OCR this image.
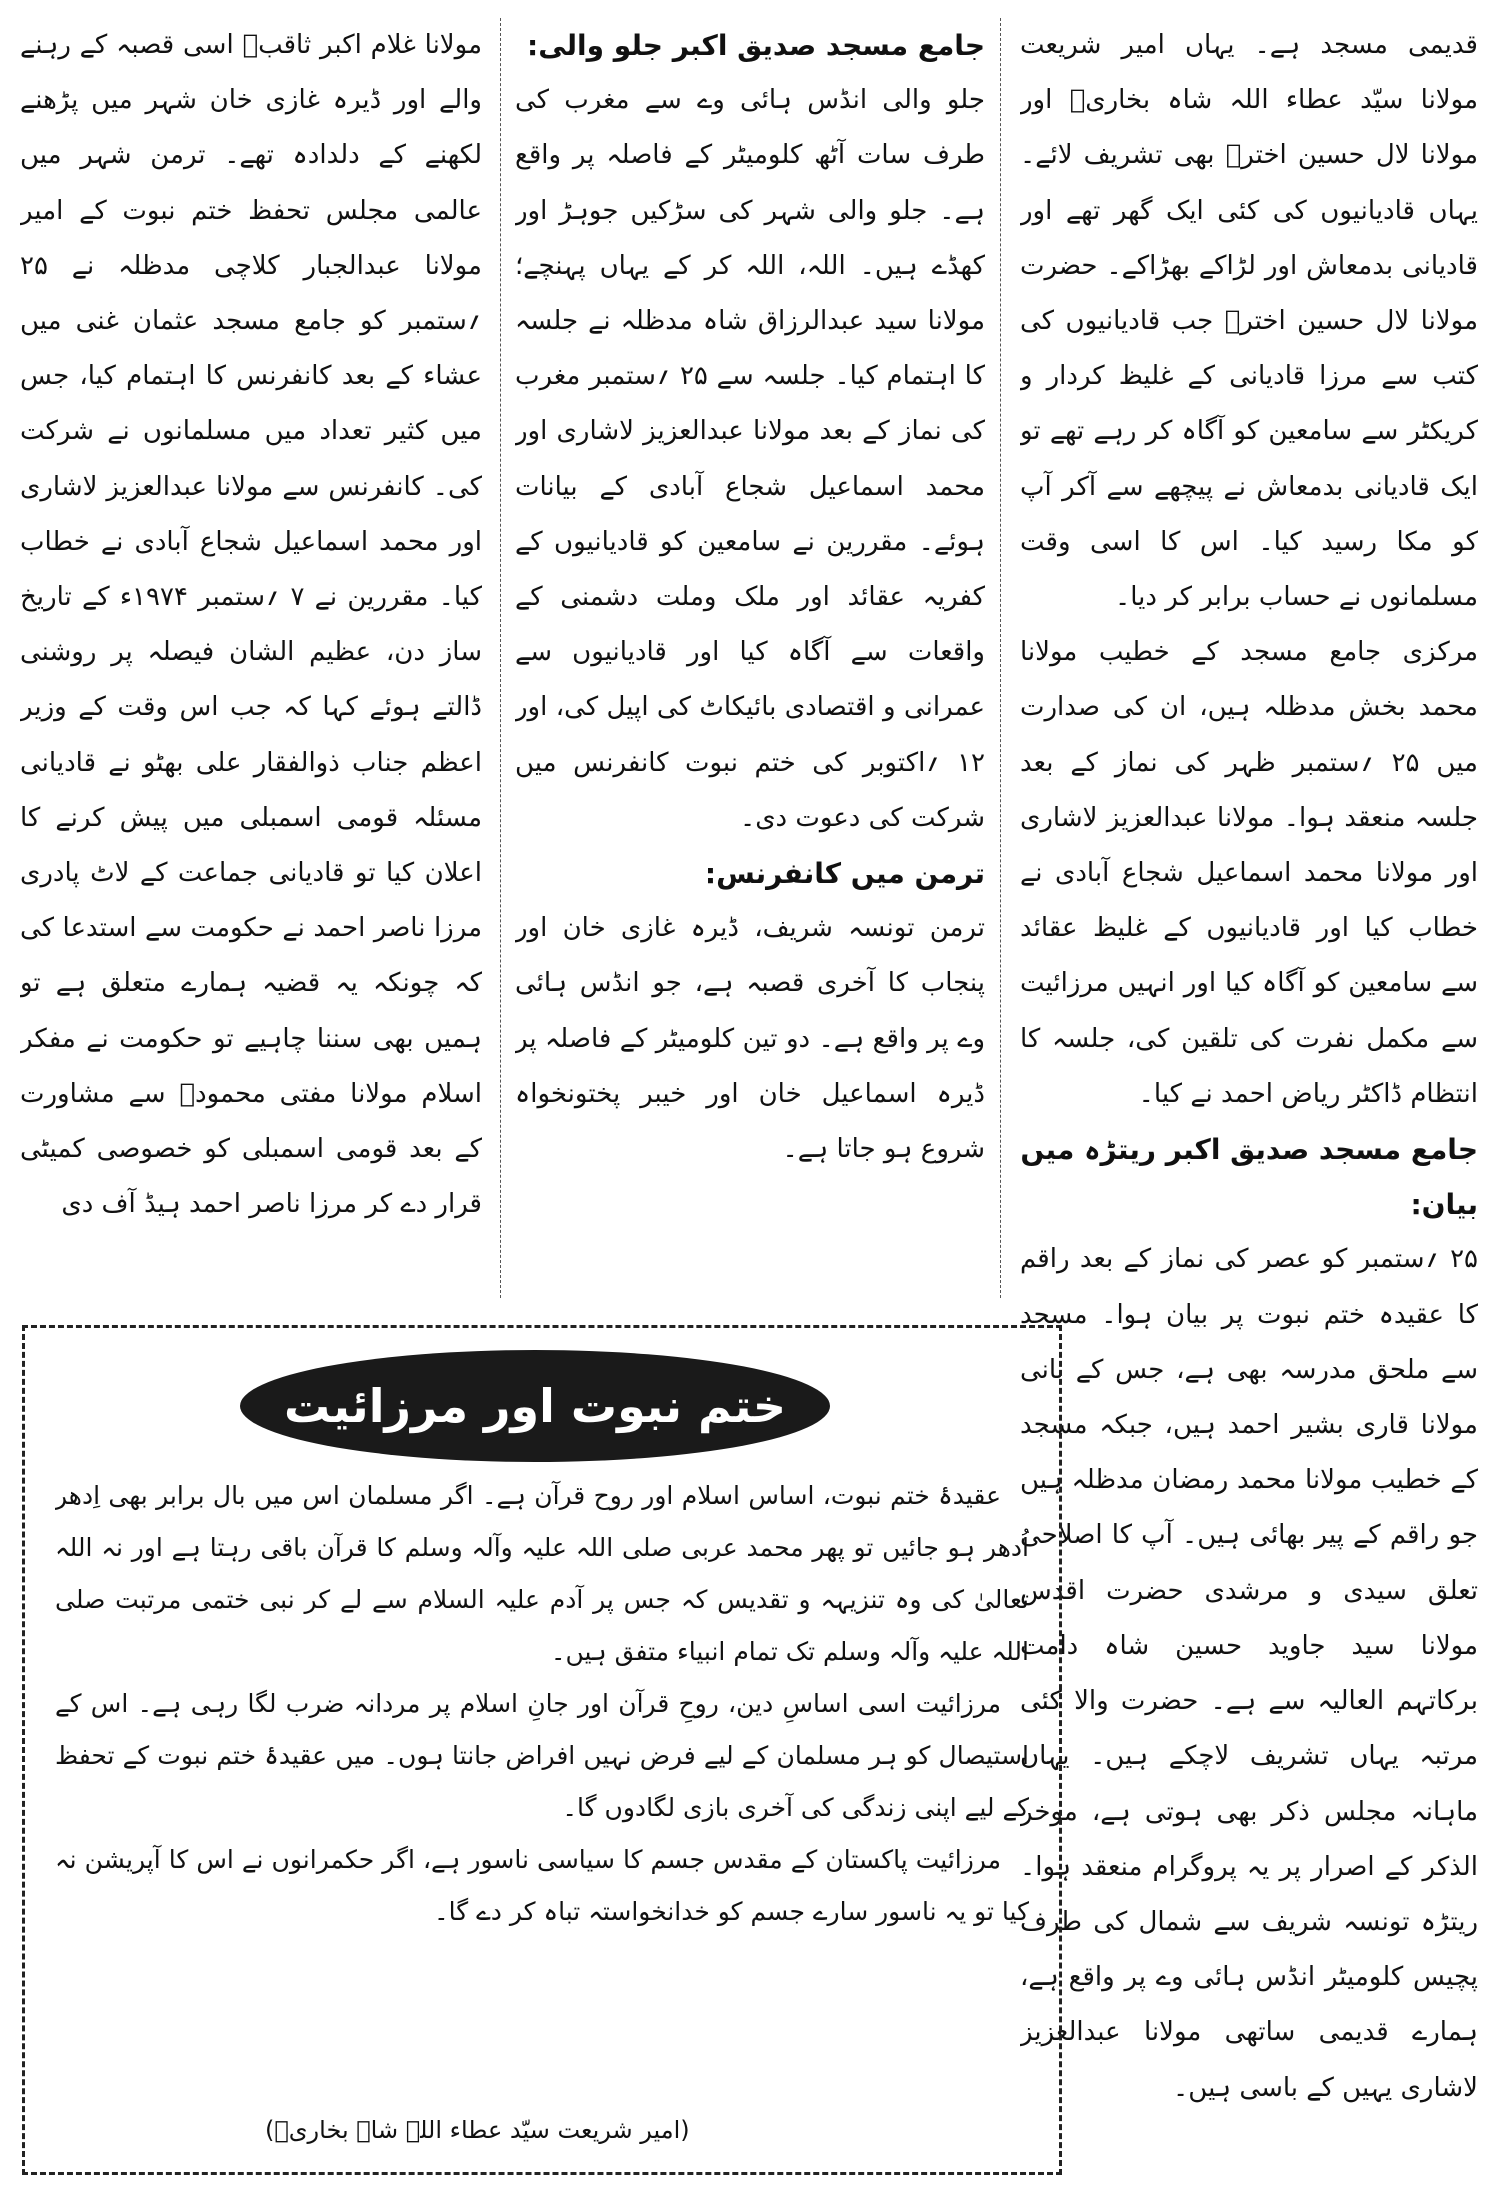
قدیمی مسجد ہے۔ یہاں امیر شریعت مولانا سیّد عطاء اللہ شاہ بخاریؒ اور مولانا لال حسین اخترؒ بھی تشریف لائے۔ یہاں قادیانیوں کی کئی ایک گھر تھے اور قادیانی بدمعاش اور لڑاکے بھڑاکے۔ حضرت مولانا لال حسین اخترؒ جب قادیانیوں کی کتب سے مرزا قادیانی کے غلیظ کردار و کریکٹر سے سامعین کو آگاہ کر رہے تھے تو ایک قادیانی بدمعاش نے پیچھے سے آکر آپ کو مکا رسید کیا۔ اس کا اسی وقت مسلمانوں نے حساب برابر کر دیا۔

مرکزی جامع مسجد کے خطیب مولانا محمد بخش مدظلہ ہیں، ان کی صدارت میں ۲۵ ؍ستمبر ظہر کی نماز کے بعد جلسہ منعقد ہوا۔ مولانا عبدالعزیز لاشاری اور مولانا محمد اسماعیل شجاع آبادی نے خطاب کیا اور قادیانیوں کے غلیظ عقائد سے سامعین کو آگاہ کیا اور انہیں مرزائیت سے مکمل نفرت کی تلقین کی، جلسہ کا انتظام ڈاکٹر ریاض احمد نے کیا۔

جامع مسجد صدیق اکبر ریتڑہ میں بیان:

۲۵ ؍ستمبر کو عصر کی نماز کے بعد راقم کا عقیدہ ختم نبوت پر بیان ہوا۔ مسجد سے ملحق مدرسہ بھی ہے، جس کے بانی مولانا قاری بشیر احمد ہیں، جبکہ مسجد کے خطیب مولانا محمد رمضان مدظلہ ہیں جو راقم کے پیر بھائی ہیں۔ آپ کا اصلاحی تعلق سیدی و مرشدی حضرت اقدس مولانا سید جاوید حسین شاہ دامت برکاتہم العالیہ سے ہے۔ حضرت والا کئی مرتبہ یہاں تشریف لاچکے ہیں۔ یہاں ماہانہ مجلس ذکر بھی ہوتی ہے، موخر الذکر کے اصرار پر یہ پروگرام منعقد ہوا۔ ریتڑہ تونسہ شریف سے شمال کی طرف پچیس کلومیٹر انڈس ہائی وے پر واقع ہے، ہمارے قدیمی ساتھی مولانا عبدالعزیز لاشاری یہیں کے باسی ہیں۔

جامع مسجد صدیق اکبر جلو والی:

جلو والی انڈس ہائی وے سے مغرب کی طرف سات آٹھ کلومیٹر کے فاصلہ پر واقع ہے۔ جلو والی شہر کی سڑکیں جوہڑ اور کھڈے ہیں۔ اللہ، اللہ کر کے یہاں پہنچے؛ مولانا سید عبدالرزاق شاہ مدظلہ نے جلسہ کا اہتمام کیا۔ جلسہ سے ۲۵ ؍ستمبر مغرب کی نماز کے بعد مولانا عبدالعزیز لاشاری اور محمد اسماعیل شجاع آبادی کے بیانات ہوئے۔ مقررین نے سامعین کو قادیانیوں کے کفریہ عقائد اور ملک وملت دشمنی کے واقعات سے آگاہ کیا اور قادیانیوں سے عمرانی و اقتصادی بائیکاٹ کی اپیل کی، اور ۱۲ ؍اکتوبر کی ختم نبوت کانفرنس میں شرکت کی دعوت دی۔

ترمن میں کانفرنس:

ترمن تونسہ شریف، ڈیرہ غازی خان اور پنجاب کا آخری قصبہ ہے، جو انڈس ہائی وے پر واقع ہے۔ دو تین کلومیٹر کے فاصلہ پر ڈیرہ اسماعیل خان اور خیبر پختونخواہ شروع ہو جاتا ہے۔

مولانا غلام اکبر ثاقبؒ اسی قصبہ کے رہنے والے اور ڈیرہ غازی خان شہر میں پڑھنے لکھنے کے دلدادہ تھے۔ ترمن شہر میں عالمی مجلس تحفظ ختم نبوت کے امیر مولانا عبدالجبار کلاچی مدظلہ نے ۲۵ ؍ستمبر کو جامع مسجد عثمان غنی میں عشاء کے بعد کانفرنس کا اہتمام کیا، جس میں کثیر تعداد میں مسلمانوں نے شرکت کی۔ کانفرنس سے مولانا عبدالعزیز لاشاری اور محمد اسماعیل شجاع آبادی نے خطاب کیا۔ مقررین نے ۷ ؍ستمبر ۱۹۷۴ء کے تاریخ ساز دن، عظیم الشان فیصلہ پر روشنی ڈالتے ہوئے کہا کہ جب اس وقت کے وزیر اعظم جناب ذوالفقار علی بھٹو نے قادیانی مسئلہ قومی اسمبلی میں پیش کرنے کا اعلان کیا تو قادیانی جماعت کے لاٹ پادری مرزا ناصر احمد نے حکومت سے استدعا کی کہ چونکہ یہ قضیہ ہمارے متعلق ہے تو ہمیں بھی سننا چاہیے تو حکومت نے مفکر اسلام مولانا مفتی محمودؒ سے مشاورت کے بعد قومی اسمبلی کو خصوصی کمیٹی قرار دے کر مرزا ناصر احمد ہیڈ آف دی

ختم نبوت اور مرزائیت

عقیدۂ ختم نبوت، اساس اسلام اور روح قرآن ہے۔ اگر مسلمان اس میں بال برابر بھی اِدھر اُدھر ہو جائیں تو پھر محمد عربی صلی اللہ علیہ وآلہ وسلم کا قرآن باقی رہتا ہے اور نہ اللہ تعالیٰ کی وہ تنزیہہ و تقدیس کہ جس پر آدم علیہ السلام سے لے کر نبی ختمی مرتبت صلی اللہ علیہ وآلہ وسلم تک تمام انبیاء متفق ہیں۔

مرزائیت اسی اساسِ دین، روحِ قرآن اور جانِ اسلام پر مردانہ ضرب لگا رہی ہے۔ اس کے استیصال کو ہر مسلمان کے لیے فرض نہیں افراض جانتا ہوں۔ میں عقیدۂ ختم نبوت کے تحفظ کے لیے اپنی زندگی کی آخری بازی لگادوں گا۔

مرزائیت پاکستان کے مقدس جسم کا سیاسی ناسور ہے، اگر حکمرانوں نے اس کا آپریشن نہ کیا تو یہ ناسور سارے جسم کو خدانخواستہ تباہ کر دے گا۔

(امیر شریعت سیّد عطاء اللہ شاہ بخاریؒ)
